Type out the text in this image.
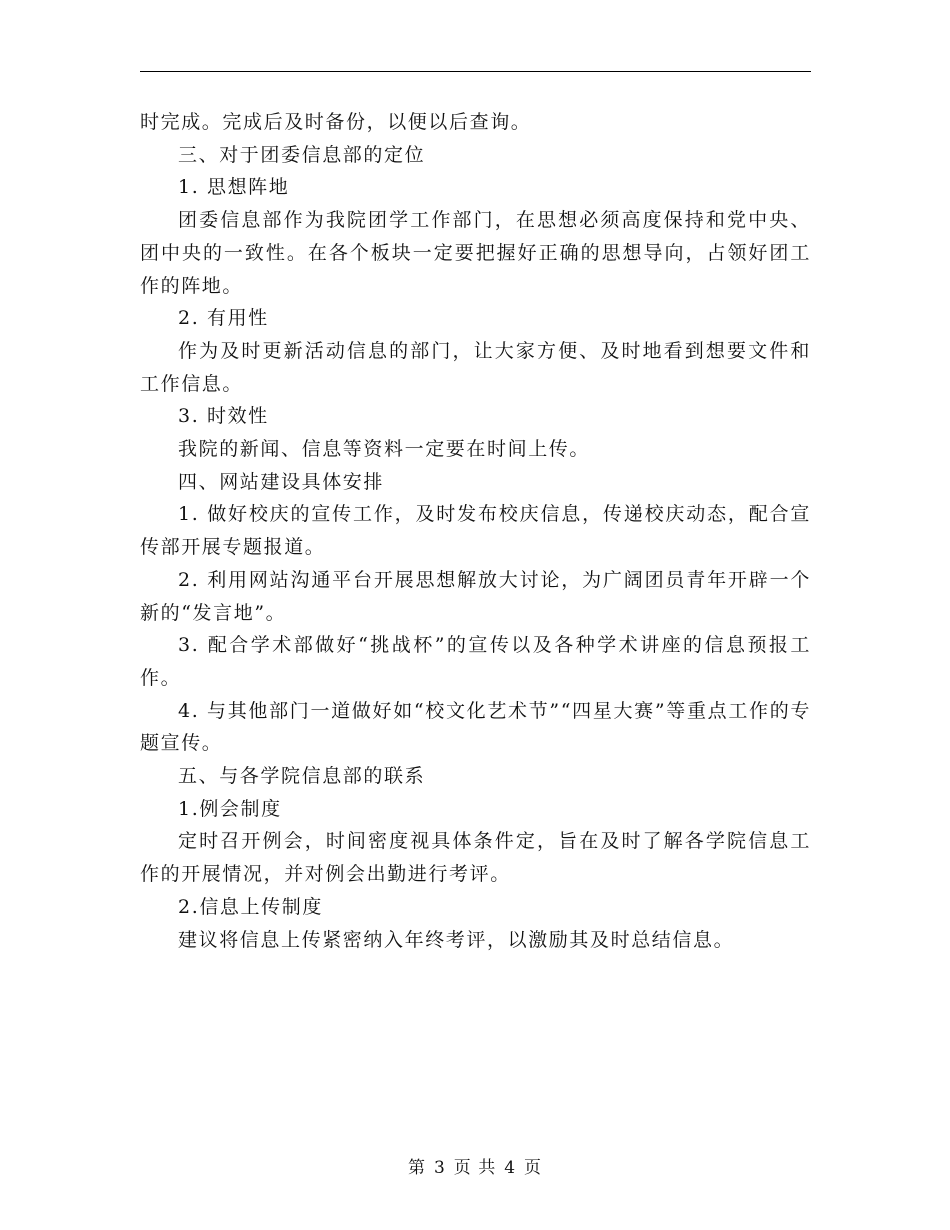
时完成。完成后及时备份，以便以后查询。

三、对于团委信息部的定位

1. 思想阵地

团委信息部作为我院团学工作部门，在思想必须高度保持和党中央、团中央的一致性。在各个板块一定要把握好正确的思想导向，占领好团工作的阵地。

2. 有用性

作为及时更新活动信息的部门，让大家方便、及时地看到想要文件和工作信息。

3. 时效性

我院的新闻、信息等资料一定要在时间上传。

四、网站建设具体安排

1. 做好校庆的宣传工作，及时发布校庆信息，传递校庆动态，配合宣传部开展专题报道。

2. 利用网站沟通平台开展思想解放大讨论，为广阔团员青年开辟一个新的“发言地”。

3. 配合学术部做好“挑战杯”的宣传以及各种学术讲座的信息预报工作。

4. 与其他部门一道做好如“校文化艺术节”“四星大赛”等重点工作的专题宣传。

五、与各学院信息部的联系

1.例会制度

定时召开例会，时间密度视具体条件定，旨在及时了解各学院信息工作的开展情况，并对例会出勤进行考评。

2.信息上传制度

建议将信息上传紧密纳入年终考评，以激励其及时总结信息。

第 3 页 共 4 页
